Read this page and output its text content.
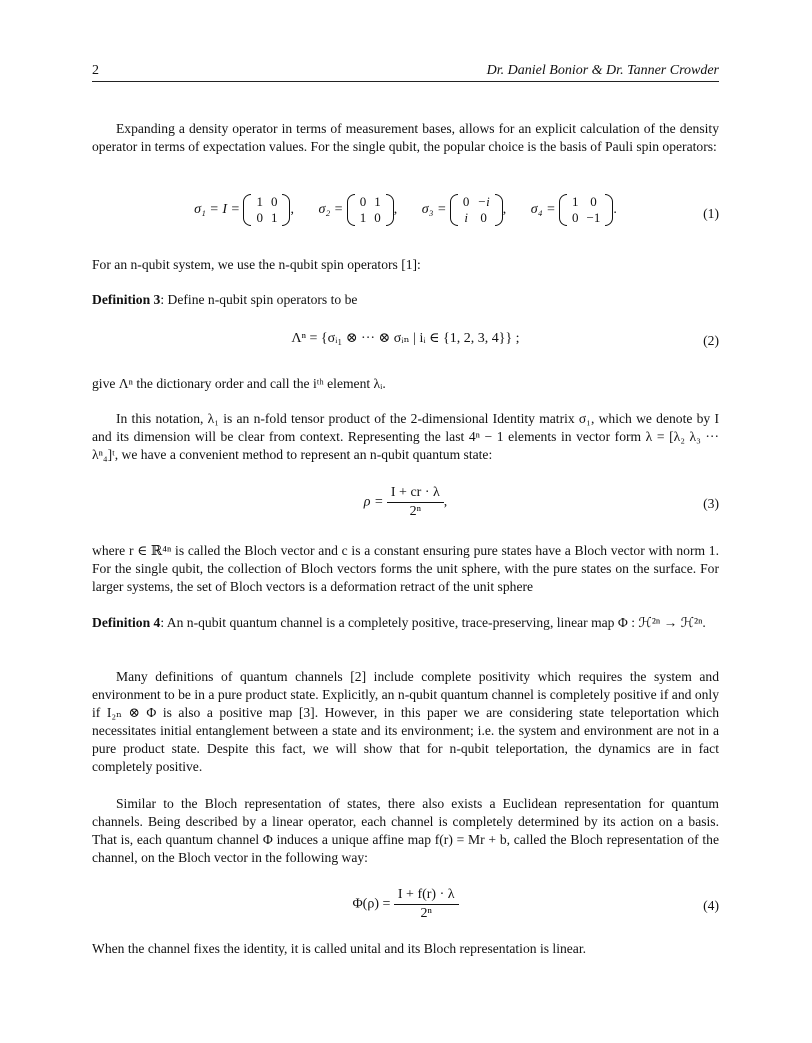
2	Dr. Daniel Bonior & Dr. Tanner Crowder
Expanding a density operator in terms of measurement bases, allows for an explicit calculation of the density operator in terms of expectation values. For the single qubit, the popular choice is the basis of Pauli spin operators:
σ₁ = I =
1	0
0	1
,       σ₂ =
0	1
1	0
,       σ₃ =
0	−i
i	0
,       σ₄ =
1	0
0	−1
.	(1)
For an n-qubit system, we use the n-qubit spin operators [1]:
Definition 3: Define n-qubit spin operators to be
Λⁿ = {σᵢ₁ ⊗ ··· ⊗ σᵢₙ | iᵢ ∈ {1, 2, 3, 4}} ;	(2)
give Λⁿ the dictionary order and call the iᵗʰ element λᵢ.
In this notation, λ₁ is an n-fold tensor product of the 2-dimensional Identity matrix σ₁, which we denote by I and its dimension will be clear from context. Representing the last 4ⁿ − 1 elements in vector form λ = [λ₂ λ₃ ··· λⁿ₄]ᵗ, we have a convenient method to represent an n-qubit quantum state:
$\rho = \frac{I + cr \cdot \lambda}{\text{2ⁿ}}$ ,	(3)
where r ∈ ℝ⁴ⁿ is called the Bloch vector and c is a constant ensuring pure states have a Bloch vector with norm 1. For the single qubit, the collection of Bloch vectors forms the unit sphere, with the pure states on the surface. For larger systems, the set of Bloch vectors is a deformation retract of the unit sphere
Definition 4: An n-qubit quantum channel is a completely positive, trace-preserving, linear map Φ : ℋ²ⁿ → ℋ²ⁿ.
Many definitions of quantum channels [2] include complete positivity which requires the system and environment to be in a pure product state. Explicitly, an n-qubit quantum channel is completely positive if and only if I₂ₙ ⊗ Φ is also a positive map [3]. However, in this paper we are considering state teleportation which necessitates initial entanglement between a state and its environment; i.e. the system and environment are not in a pure product state. Despite this fact, we will show that for n-qubit teleportation, the dynamics are in fact completely positive.
Similar to the Bloch representation of states, there also exists a Euclidean representation for quantum channels. Being described by a linear operator, each channel is completely determined by its action on a basis. That is, each quantum channel Φ induces a unique affine map f(r) = Mr + b, called the Bloch representation of the channel, on the Bloch vector in the following way:
$\Phi(\rho) = \frac{I + f(r) \cdot \lambda}{\text{2ⁿ}}$	(4)
When the channel fixes the identity, it is called unital and its Bloch representation is linear.
